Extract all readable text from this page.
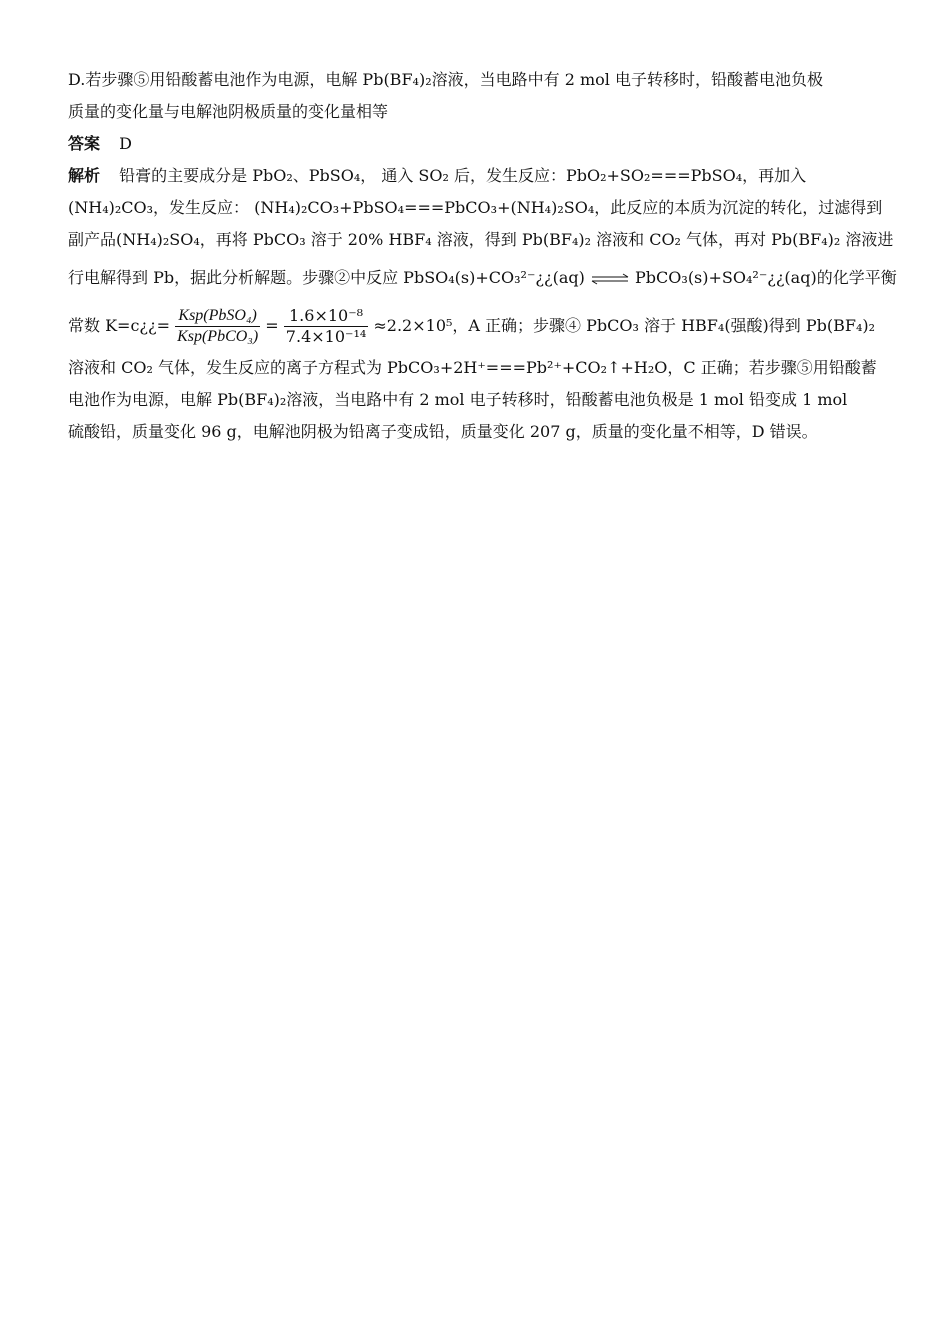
D.若步骤⑤用铅酸蓄电池作为电源，电解 Pb(BF₄)₂溶液，当电路中有 2 mol 电子转移时，铅酸蓄电池负极
质量的变化量与电解池阴极质量的变化量相等
答案 D
解析 铅膏的主要成分是 PbO₂、PbSO₄， 通入 SO₂ 后，发生反应：PbO₂+SO₂===PbSO₄，再加入
(NH₄)₂CO₃，发生反应： (NH₄)₂CO₃+PbSO₄===PbCO₃+(NH₄)₂SO₄，此反应的本质为沉淀的转化，过滤得到
副产品(NH₄)₂SO₄，再将 PbCO₃ 溶于 20% HBF₄ 溶液，得到 Pb(BF₄)₂ 溶液和 CO₂ 气体，再对 Pb(BF₄)₂ 溶液进
行电解得到 Pb，据此分析解题。步骤②中反应 PbSO₄(s)+CO₃²⁻¿¿(aq) ⇌ PbCO₃(s)+SO₄²⁻¿¿(aq)的化学平衡
常数 K=c¿¿= $\frac{\text{Ksp(PbSO₄)}}{\text{Ksp(PbCO₃)}} = \frac{\text{1.6×10⁻⁸}}{\text{7.4×10⁻¹⁴}} \approx 2.2\times 10^5$，A 正确；步骤④ PbCO₃ 溶于 HBF₄(强酸)得到 Pb(BF₄)₂
溶液和 CO₂ 气体，发生反应的离子方程式为 PbCO₃+2H⁺===Pb²⁺+CO₂↑+H₂O，C 正确；若步骤⑤用铅酸蓄
电池作为电源，电解 Pb(BF₄)₂溶液，当电路中有 2 mol 电子转移时，铅酸蓄电池负极是 1 mol 铅变成 1 mol
硫酸铅，质量变化 96 g，电解池阴极为铅离子变成铅，质量变化 207 g，质量的变化量不相等，D 错误。
